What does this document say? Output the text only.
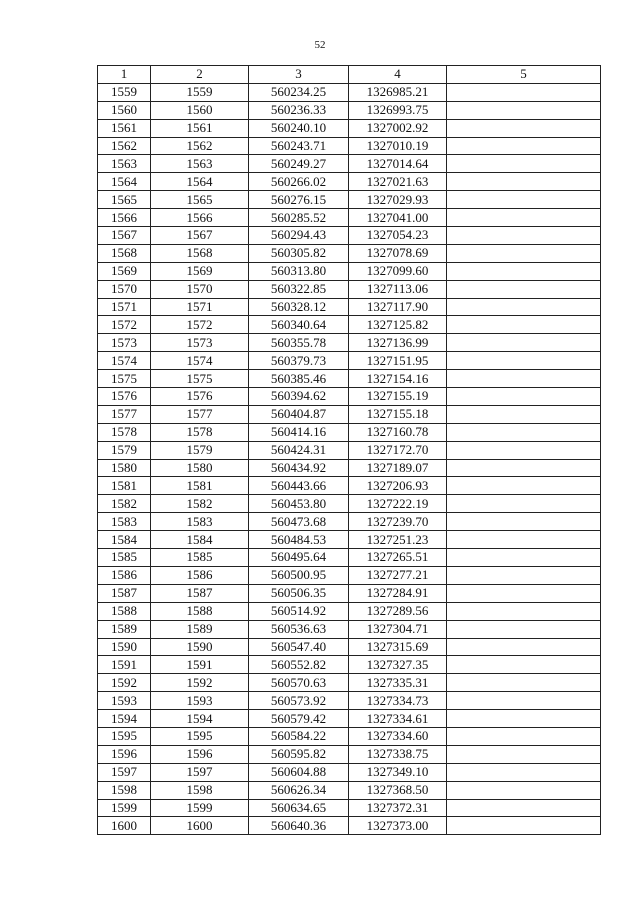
52
1	2	3	4	5
1559	1559	560234.25	1326985.21	
1560	1560	560236.33	1326993.75	
1561	1561	560240.10	1327002.92	
1562	1562	560243.71	1327010.19	
1563	1563	560249.27	1327014.64	
1564	1564	560266.02	1327021.63	
1565	1565	560276.15	1327029.93	
1566	1566	560285.52	1327041.00	
1567	1567	560294.43	1327054.23	
1568	1568	560305.82	1327078.69	
1569	1569	560313.80	1327099.60	
1570	1570	560322.85	1327113.06	
1571	1571	560328.12	1327117.90	
1572	1572	560340.64	1327125.82	
1573	1573	560355.78	1327136.99	
1574	1574	560379.73	1327151.95	
1575	1575	560385.46	1327154.16	
1576	1576	560394.62	1327155.19	
1577	1577	560404.87	1327155.18	
1578	1578	560414.16	1327160.78	
1579	1579	560424.31	1327172.70	
1580	1580	560434.92	1327189.07	
1581	1581	560443.66	1327206.93	
1582	1582	560453.80	1327222.19	
1583	1583	560473.68	1327239.70	
1584	1584	560484.53	1327251.23	
1585	1585	560495.64	1327265.51	
1586	1586	560500.95	1327277.21	
1587	1587	560506.35	1327284.91	
1588	1588	560514.92	1327289.56	
1589	1589	560536.63	1327304.71	
1590	1590	560547.40	1327315.69	
1591	1591	560552.82	1327327.35	
1592	1592	560570.63	1327335.31	
1593	1593	560573.92	1327334.73	
1594	1594	560579.42	1327334.61	
1595	1595	560584.22	1327334.60	
1596	1596	560595.82	1327338.75	
1597	1597	560604.88	1327349.10	
1598	1598	560626.34	1327368.50	
1599	1599	560634.65	1327372.31	
1600	1600	560640.36	1327373.00	
